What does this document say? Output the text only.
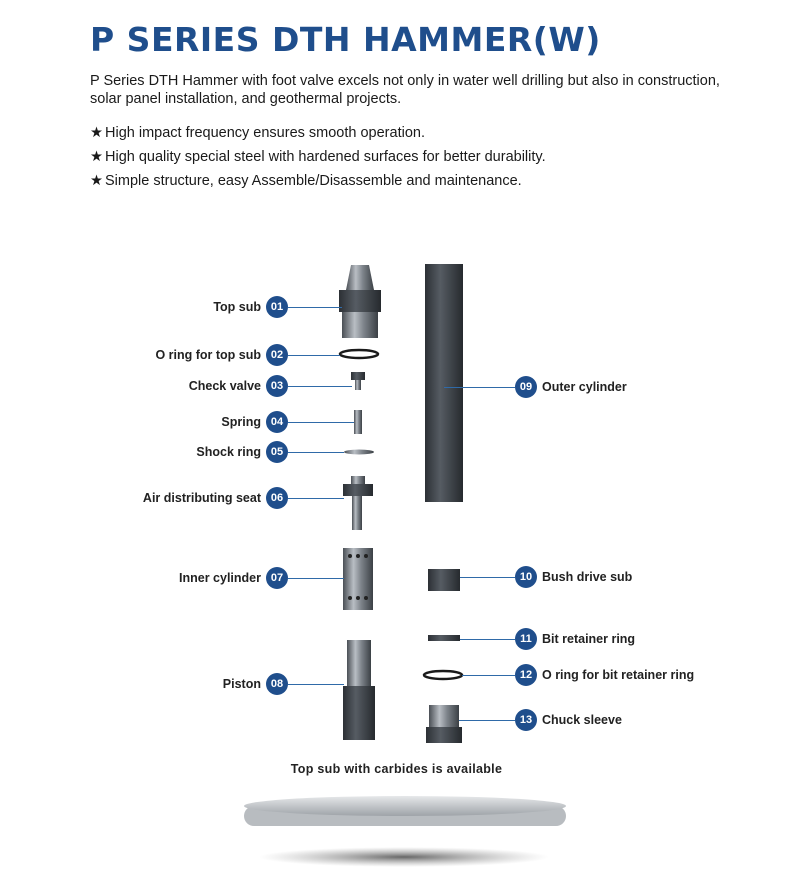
P SERIES DTH HAMMER(W)

P Series DTH Hammer with foot valve excels not only in water well drilling but also in construction, solar panel installation, and geothermal projects.

★ High impact frequency ensures smooth operation.
★ High quality special steel with hardened surfaces for better durability.
★ Simple structure, easy Assemble/Disassemble and maintenance.
Top sub 01
O ring for top sub 02
Check valve 03
Spring 04
Shock ring 05
Air distributing seat 06
Inner cylinder 07
Piston 08
09 Outer cylinder
10 Bush drive sub
11 Bit retainer ring
12 O ring for bit retainer ring
13 Chuck sleeve
Top sub with carbides is available
